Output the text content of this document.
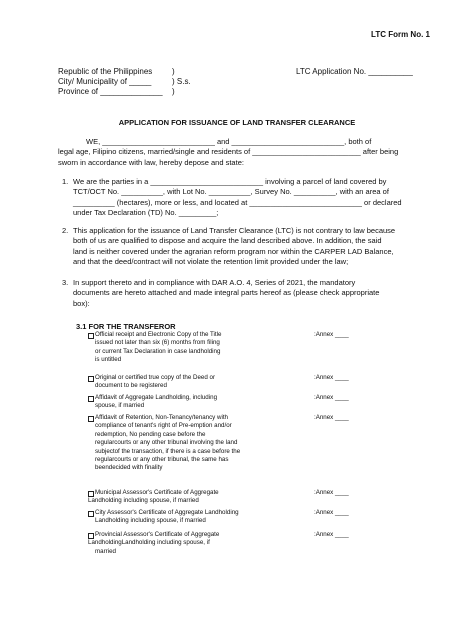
LTC Form No. 1
Republic of the Philippines )
City/ Municipality of _____	) S.s.
Province of ______________ )
LTC Application No. __________
APPLICATION FOR ISSUANCE OF LAND TRANSFER CLEARANCE
WE, ___________________________ and ___________________________, both of
legal age, Filipino citizens, married/single and residents of __________________________ after being
sworn in accordance with law, hereby depose and state:
1. We are the parties in a ___________________________ involving a parcel of land covered by
TCT/OCT No. __________, with Lot No. __________, Survey No. __________, with an area of
__________ (hectares), more or less, and located at ___________________________ or declared
under Tax Declaration (TD) No. _________;
2. This application for the issuance of Land Transfer Clearance (LTC) is not contrary to law because
both of us are qualified to dispose and acquire the land described above. In addition, the said
land is neither covered under the agrarian reform program nor within the CARPER LAD Balance,
and that the deed/contract will not violate the retention limit provided under the law;
3. In support thereto and in compliance with DAR A.O. 4, Series of 2021, the mandatory
documents are hereto attached and made integral parts hereof as (please check appropriate
box):
3.1 FOR THE TRANSFEROR
Official receipt and Electronic Copy of the Title
issued not later than six (6) months from filing
or current Tax Declaration in case landholding
is untitled
:Annex ____
Original or certified true copy of the Deed or
document to be registered
:Annex ____
Affidavit of Aggregate Landholding, including
spouse, if married
:Annex ____
Affidavit of Retention, Non-Tenancy/tenancy with
compliance of tenant's right of Pre-emption and/or
redemption, No pending case before the
regularcourts or any other tribunal involving the land
subjectof the transaction, if there is a case before the
regularcourts or any other tribunal, the same has
beendecided with finality
:Annex ____
Municipal Assessor's Certificate of Aggregate
Landholding including spouse, if married
:Annex ____
City Assessor's Certificate of Aggregate Landholding
Landholding including spouse, if married
:Annex ____
Provincial Assessor's Certificate of Aggregate
LandholdingLandholding including spouse, if
married
:Annex ____
